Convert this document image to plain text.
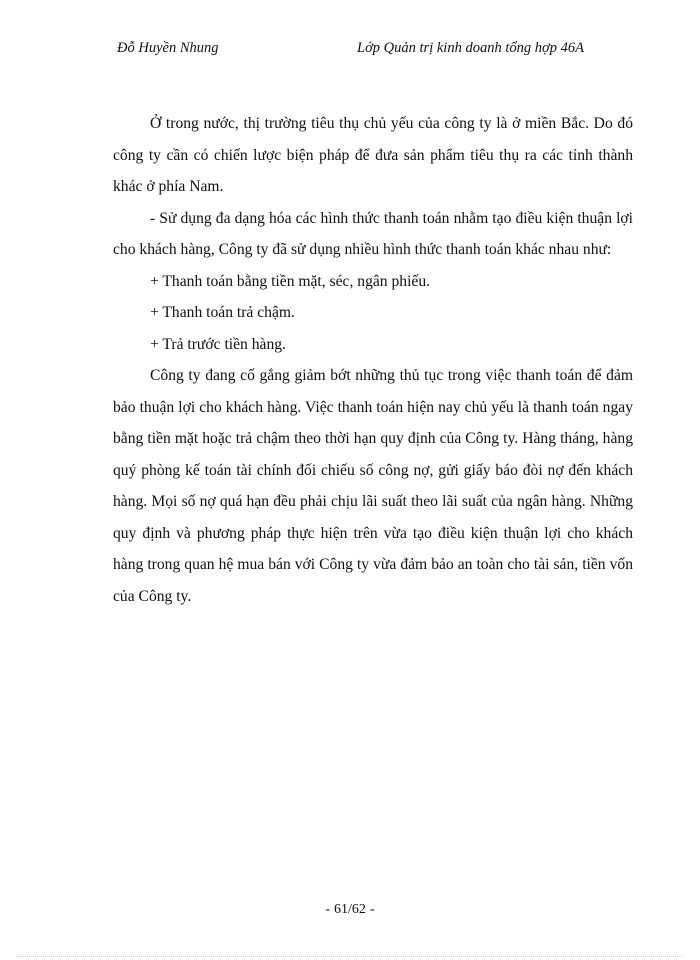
Đỗ Huyền Nhung	Lớp Quản trị kinh doanh tổng hợp 46A

Ở trong nước, thị trường tiêu thụ chủ yếu của công ty là ở miền Bắc. Do đó công ty cần có chiến lược biện pháp để đưa sản phẩm tiêu thụ ra các tỉnh thành khác ở phía Nam.

- Sử dụng đa dạng hóa các hình thức thanh toán nhằm tạo điều kiện thuận lợi cho khách hàng, Công ty đã sử dụng nhiều hình thức thanh toán khác nhau như:

+ Thanh toán bằng tiền mặt, séc, ngân phiếu.

+ Thanh toán trả chậm.

+ Trả trước tiền hàng.

Công ty đang cố gắng giảm bớt những thủ tục trong việc thanh toán để đảm bảo thuận lợi cho khách hàng. Việc thanh toán hiện nay chủ yếu là thanh toán ngay bằng tiền mặt hoặc trả chậm theo thời hạn quy định của Công ty. Hàng tháng, hàng quý phòng kế toán tài chính đối chiếu số công nợ, gửi giấy báo đòi nợ đến khách hàng. Mọi số nợ quá hạn đều phải chịu lãi suất theo lãi suất của ngân hàng. Những quy định và phương pháp thực hiện trên vừa tạo điều kiện thuận lợi cho khách hàng trong quan hệ mua bán với Công ty vừa đảm bảo an toàn cho tài sản, tiền vốn của Công ty.

- 61/62 -
